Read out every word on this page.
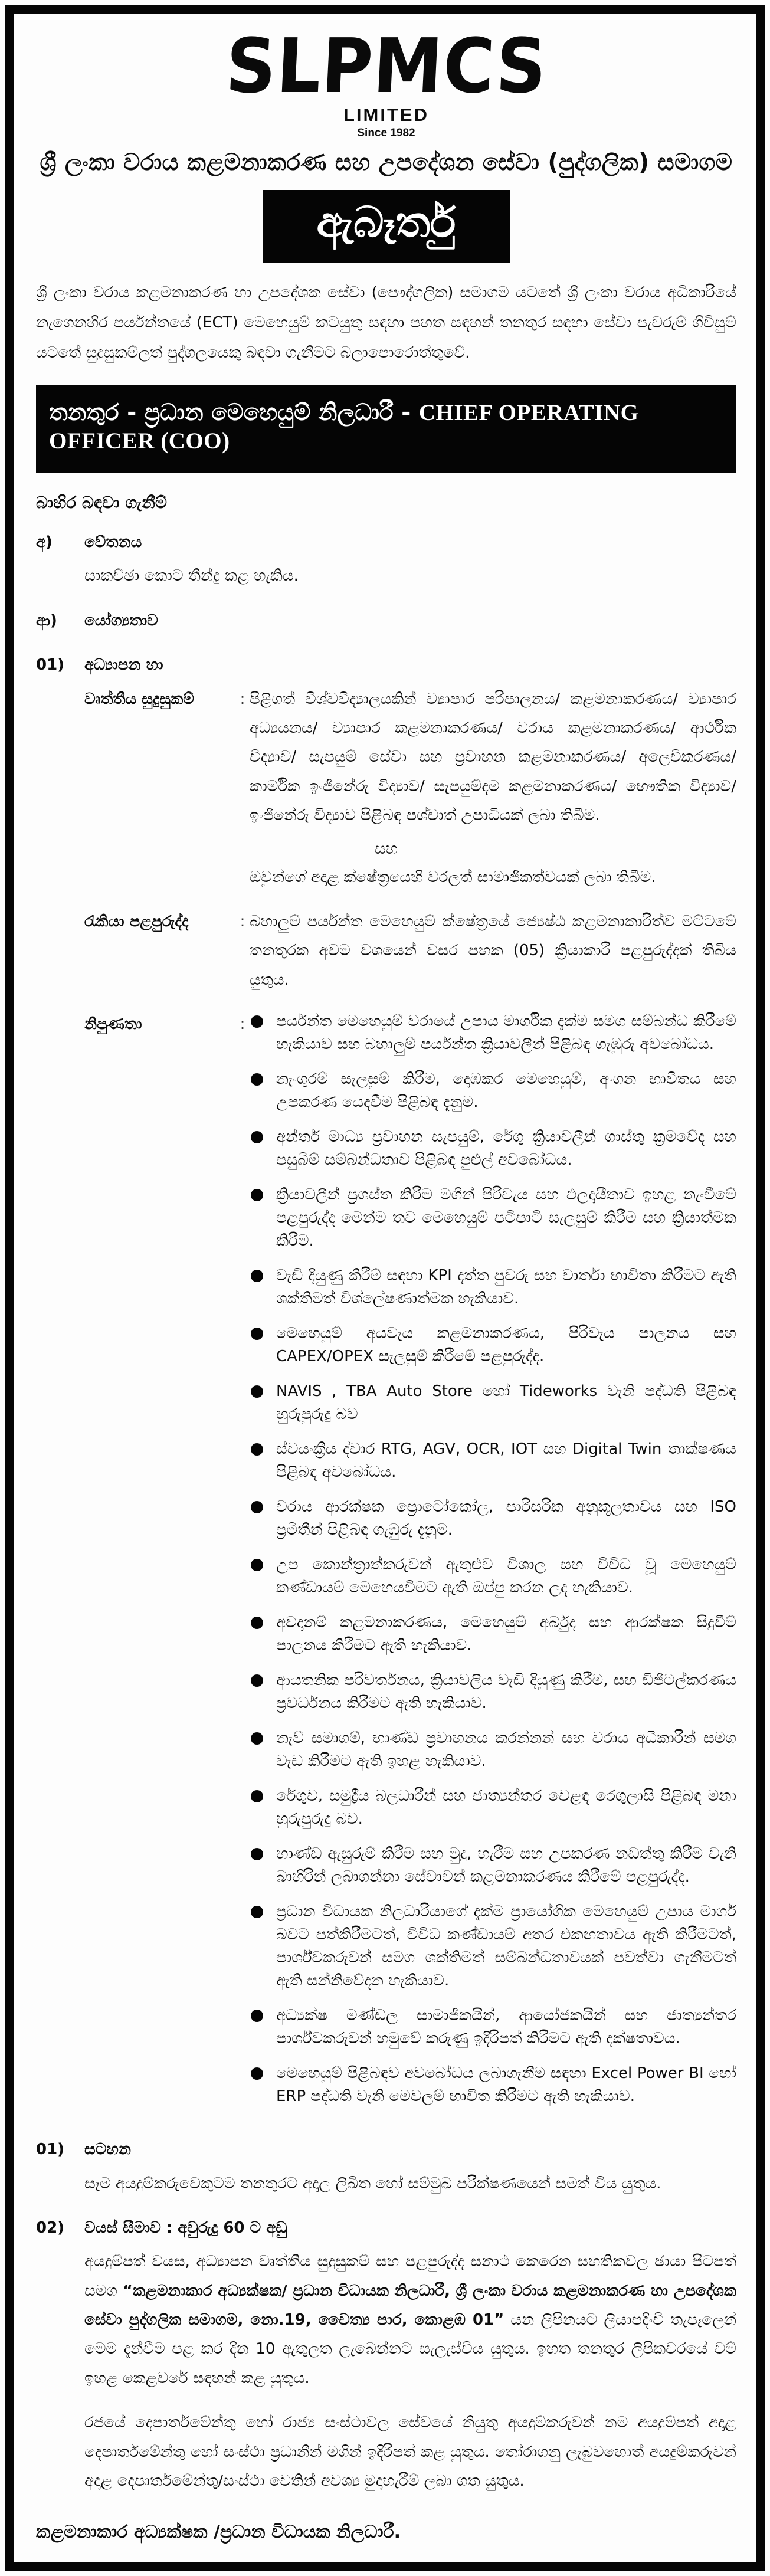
SLPMCS
LIMITED
Since 1982
ශ්‍රී ලංකා වරාය කළමනාකරණ සහ උපදේශන සේවා (පුද්ගලික) සමාගම
ඇබෑර්තු
ශ්‍රී ලංකා වරාය කළමනාකරණ හා උපදේශක සේවා (පෞද්ගලික) සමාගම යටතේ ශ්‍රී ලංකා වරාය අධිකාරියේ නැගෙනහිර පර්යන්තයේ (ECT) මෙහෙයුම් කටයුතු සඳහා පහත සඳහන් තනතුර සඳහා සේවා පැවරුම් ගිවිසුම් යටතේ සුදුසුකම්ලත් පුද්ගලයෙකු බඳවා ගැනීමට බලාපොරොත්තුවේ.
තනතුර - ප්‍රධාන මෙහෙයුම් නිලධාරී - CHIEF OPERATING OFFICER (COO)
බාහිර බඳවා ගැනීම්
අ)	වේතනය
සාකච්ඡා කොට තීන්දු කළ හැකිය.
ආ)	යෝග්‍යතාව
01)	අධ්‍යාපන හා
වෘත්තීය සුදුසුකම්	: පිළිගත් විශ්වවිද්‍යාලයකින් ව්‍යාපාර පරිපාලනය/ කළමනාකරණය/ ව්‍යාපාර අධ්‍යයනය/ ව්‍යාපාර කළමනාකරණය/ වරාය කළමනාකරණය/ ආර්ථික විද්‍යාව/ සැපයුම් සේවා සහ ප්‍රවාහන කළමනාකරණය/ අලෙවිකරණය/ කාර්මික ඉංජිනේරු විද්‍යාව/ සැපයුම්දම කළමනාකරණය/ භෞතික විද්‍යාව/ ඉංජිනේරු විද්‍යාව පිළිබඳ පශ්චාත් උපාධියක් ලබා තිබීම.
සහ
ඔවුන්ගේ අදාළ ක්ෂේත්‍රයෙහි වරලත් සාමාජිකත්වයක් ලබා තිබීම.
රැකියා පළපුරුද්ද	: බහාලුම් පර්යන්ත මෙහෙයුම් ක්ෂේත්‍රයේ ජ්‍යෙෂ්ඨ කළමනාකාරිත්ව මට්ටමේ තනතුරක අවම වශයෙන් වසර පහක (05) ක්‍රියාකාරී පළපුරුද්දක් තිබිය යුතුය.
නිපුණතා	: පර්යන්ත මෙහෙයුම් වරායේ උපාය මාර්ගික දැක්ම සමග සම්බන්ධ කිරීමේ හැකියාව සහ බහාලුම් පර්යන්ත ක්‍රියාවලීන් පිළිබඳ ගැඹුරු අවබෝධය.
නැංගුරම් සැලසුම් කිරීම, දොඹකර මෙහෙයුම්, අංගන භාවිතය සහ උපකරණ යෙදවීම පිළිබඳ දැනුම.
අන්තර් මාධ්‍ය ප්‍රවාහන සැපයුම්, රේගු ක්‍රියාවලීන් ගාස්තු ක්‍රමවේද සහ පසුබිම් සම්බන්ධතාව පිළිබඳ පුළුල් අවබෝධය.
ක්‍රියාවලීන් ප්‍රශස්ත කිරීම මගින් පිරිවැය සහ ඵලදායීතාව ඉහළ නැංවීමේ පළපුරුද්ද මෙන්ම තව මෙහෙයුම් පටිපාටි සැලසුම් කිරීම සහ ක්‍රියාත්මක කිරීම.
වැඩි දියුණු කිරීම් සඳහා KPI දත්ත පුවරු සහ වාර්තා භාවිතා කිරීමට ඇති ශක්තිමත් විශ්ලේෂණාත්මක හැකියාව.
මෙහෙයුම් අයවැය කළමනාකරණය, පිරිවැය පාලනය සහ CAPEX/OPEX සැලසුම් කිරීමේ පළපුරුද්ද.
NAVIS , TBA Auto Store හෝ Tideworks වැනි පද්ධති පිළිබඳ හුරුපුරුදු බව
ස්වයංක්‍රීය ද්වාර RTG, AGV, OCR, IOT සහ Digital Twin තාක්ෂණය පිළිබඳ අවබෝධය.
වරාය ආරක්ෂක ප්‍රොටෝකෝල, පාරිසරික අනුකූලතාවය සහ ISO ප්‍රමිතීන් පිළිබඳ ගැඹුරු දැනුම.
උප කොන්ත්‍රාත්කරුවන් ඇතුළුව විශාල සහ විවිධ වූ මෙහෙයුම් කණ්ඩායම් මෙහෙයවීමට ඇති ඔප්පු කරන ලද හැකියාව.
අවදානම් කළමනාකරණය, මෙහෙයුම් අර්බුද සහ ආරක්ෂක සිදුවීම් පාලනය කිරීමට ඇති හැකියාව.
ආයතනික පරිවර්තනය, ක්‍රියාවලිය වැඩි දියුණු කිරීම, සහ ඩිජිටල්කරණය ප්‍රවර්ධනය කිරීමට ඇති හැකියාව.
නැව් සමාගම්, භාණ්ඩ ප්‍රවාහනය කරන්නන් සහ වරාය අධිකාරීන් සමග වැඩ කිරීමට ඇති ඉහළ හැකියාව.
රේගුව, සමුද්‍රීය බලධාරීන් සහ ජාත්‍යන්තර වෙළඳ රෙගුලාසි පිළිබඳ මනා හුරුපුරුදු බව.
භාණ්ඩ ඇසුරුම් කිරීම සහ මුදු, හැරීම සහ උපකරණ නඩත්තු කිරීම වැනි බාහිරින් ලබාගන්නා සේවාවන් කළමනාකරණය කිරීමේ පළපුරුද්ද.
ප්‍රධාන විධායක නිලධාරියාගේ දැක්ම ප්‍රායෝගික මෙහෙයුම් උපාය මාර්ග බවට පත්කිරීමටත්, විවිධ කණ්ඩායම් අතර එකඟතාවය ඇති කිරීමටත්, පාර්ශ්වකරුවන් සමග ශක්තිමත් සම්බන්ධතාවයක් පවත්වා ගැනීමටත් ඇති සන්නිවේදන හැකියාව.
අධ්‍යක්ෂ මණ්ඩල සාමාජිකයින්, ආයෝජකයින් සහ ජාත්‍යන්තර පාර්ශ්වකරුවන් හමුවේ කරුණු ඉදිරිපත් කිරීමට ඇති දක්ෂතාවය.
මෙහෙයුම් පිළිබඳව අවබෝධය ලබාගැනීම සඳහා Excel Power BI හෝ ERP පද්ධති වැනි මෙවලම් භාවිත කිරීමට ඇති හැකියාව.
01)	සටහන
සෑම අයදුම්කරුවෙකුටම තනතුරට අදාල ලිඛිත හෝ සම්මුඛ පරීක්ෂණයෙන් සමත් විය යුතුය.
02)	වයස් සීමාව : අවුරුදු 60 ට අඩු
අයදුම්පත් වයස, අධ්‍යාපන වෘත්තීය සුදුසුකම් සහ පළපුරුද්ද සනාථ කෙරෙන සහතිකවල ඡායා පිටපත් සමග “කළමනාකාර අධ්‍යක්ෂක/ ප්‍රධාන විධායක නිලධාරී, ශ්‍රී ලංකා වරාය කළමනාකරණ හා උපදේශක සේවා පුද්ගලික සමාගම, නො.19, චෛත්‍ය පාර, කොළඹ 01” යන ලිපිනයට ලියාපදිංචි තැපෑලෙන් මෙම දැන්වීම පළ කර දින 10 ඇතුලත ලැබෙන්නට සැලැස්විය යුතුය. ඉහත තනතුර ලිපිකවරයේ වම් ඉහළ කෙළවරේ සඳහන් කළ යුතුය.
රජයේ දෙපාර්තමේන්තු හෝ රාජ්‍ය සංස්ථාවල සේවයේ නියුතු අයදුම්කරුවන් නම අයදුම්පත් අදාළ දෙපාර්තමේන්තු හෝ සංස්ථා ප්‍රධානීන් මගින් ඉදිරිපත් කළ යුතුය. තෝරාගනු ලැබුවහොත් අයදුම්කරුවන් අදාළ දෙපාර්තමේන්තු/සංස්ථා වෙතින් අවශ්‍ය මුදාහැරීම් ලබා ගත යුතුය.
කළමනාකාර අධ්‍යක්ෂක /ප්‍රධාන විධායක නිලධාරී.
